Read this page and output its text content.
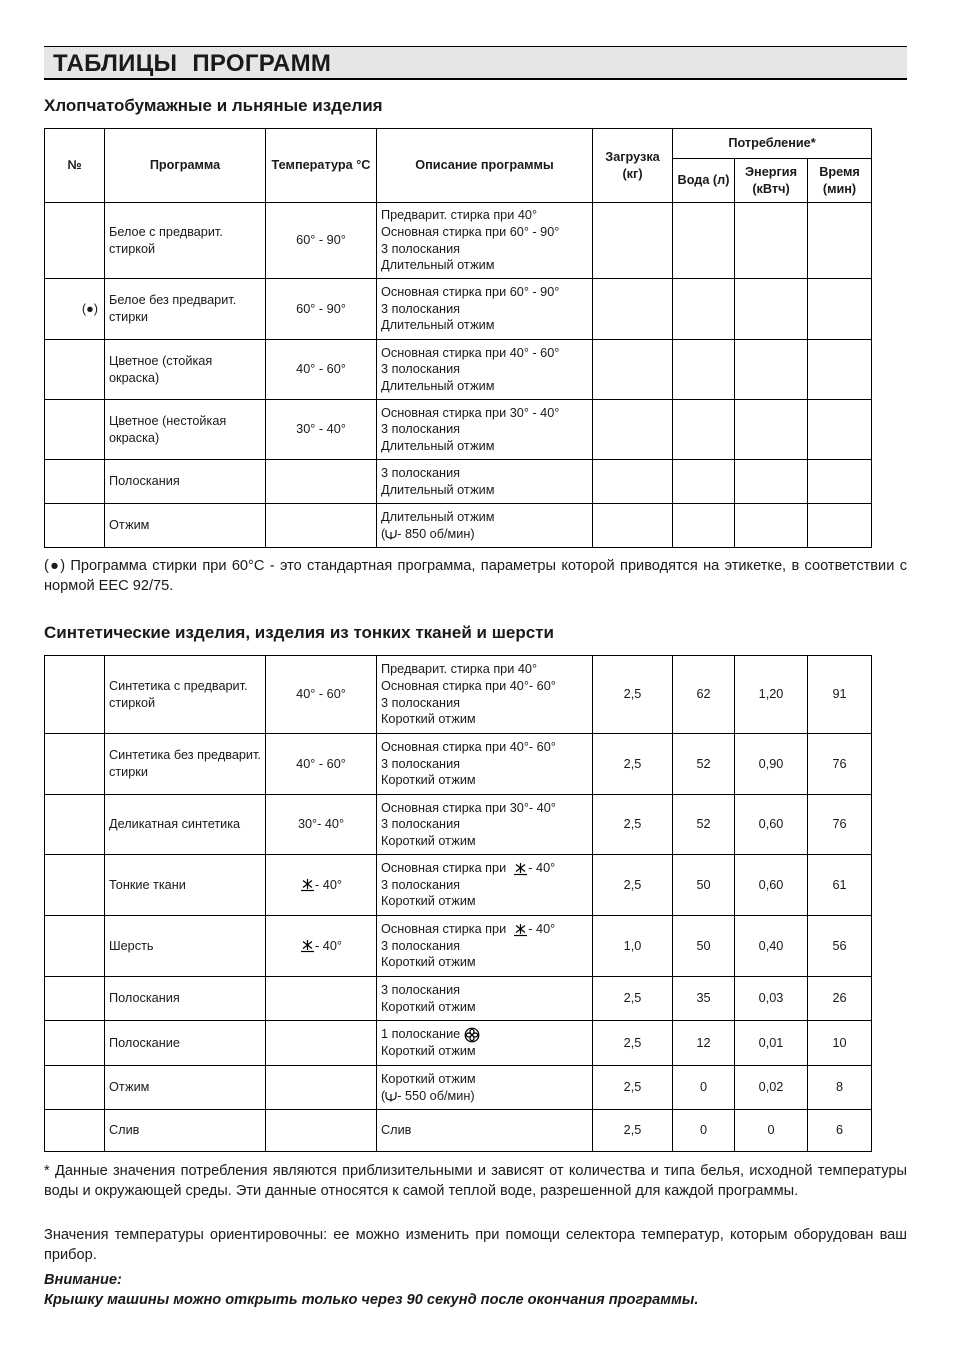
ТАБЛИЦЫ ПРОГРАММ
Хлопчатобумажные и льняные изделия
№	Программа	Температура °С	Описание программы	Загрузка (кг)	Потребление*		
					Вода (л)	Энергия (кВтч)	Время (мин)
	Белое с предварит. стиркой	60° - 90°	Предварит. стирка при 40°
Основная стирка при 60° - 90°
3 полоскания
Длительный отжим				

(●)	Белое без предварит. стирки	60° - 90°	Основная стирка при 60° - 90°
3 полоскания
Длительный отжим				

	Цветное (стойкая окраска)	40° - 60°	Основная стирка при 40° - 60°
3 полоскания
Длительный отжим				

	Цветное (нестойкая окраска)	30° - 40°	Основная стирка при 30° - 40°
3 полоскания
Длительный отжим				

	Полоскания		3 полоскания
Длительный отжим				

	Отжим		Длительный отжим
( - 850 об/мин)				

(●) Программа стирки при 60°С - это стандартная программа, параметры которой приводятся на этикетке, в соответствии с нормой ЕЕС 92/75.

Синтетические изделия, изделия из тонких тканей и шерсти
	Синтетика с предварит. стиркой	40° - 60°	Предварит. стирка при 40°
Основная стирка при 40°- 60°
3 полоскания
Короткий отжим	2,5	62	1,20	91
	Синтетика без предварит. стирки	40° - 60°	Основная стирка при 40°- 60°
3 полоскания
Короткий отжим	2,5	52	0,90	76
	Деликатная синтетика	30°- 40°	Основная стирка при 30°- 40°
3 полоскания
Короткий отжим	2,5	52	0,60	76
	Тонкие ткани	- 40°	Основная стирка при - 40°
3 полоскания
Короткий отжим	2,5	50	0,60	61
	Шерсть	- 40°	Основная стирка при - 40°
3 полоскания
Короткий отжим	1,0	50	0,40	56
	Полоскания		3 полоскания
Короткий отжим	2,5	35	0,03	26
	Полоскание		1 полоскание
Короткий отжим	2,5	12	0,01	10
	Отжим		Короткий отжим
( - 550 об/мин)	2,5	0	0,02	8
	Слив		Слив	2,5	0	0	6

* Данные значения потребления являются приблизительными и зависят от количества и типа белья, исходной температуры воды и окружающей среды. Эти данные относятся к самой теплой воде, разрешенной для каждой программы.

Значения температуры ориентировочны: ее можно изменить при помощи селектора температур, которым оборудован ваш прибор.

Внимание:

Крышку машины можно открыть только через 90 секунд после окончания программы.
